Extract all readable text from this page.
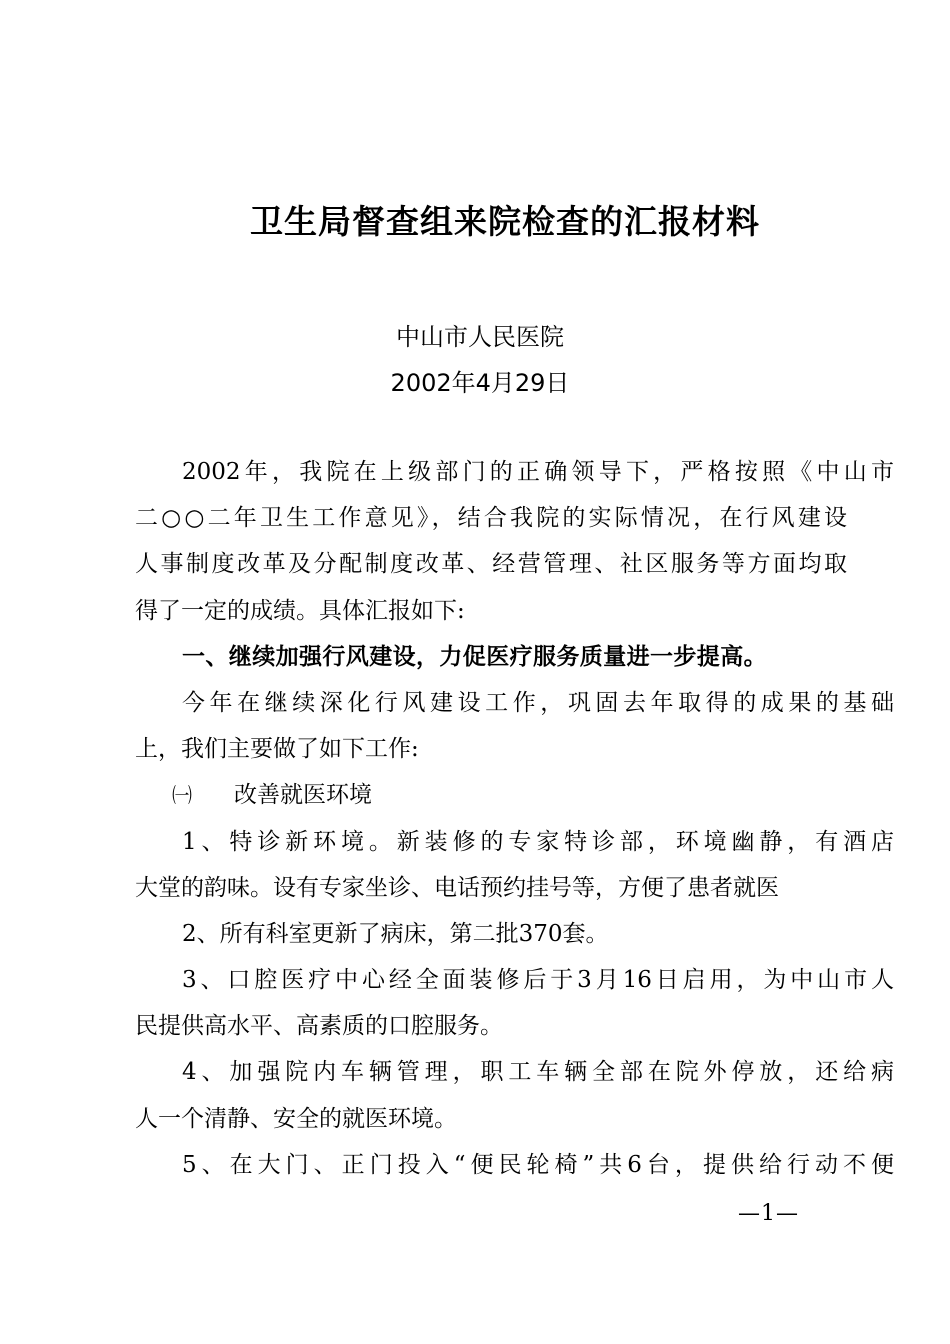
卫生局督查组来院检查的汇报材料
中山市人民医院
2002年4月29日
2002年，我院在上级部门的正确领导下，严格按照《中山市
二○○二年卫生工作意见》，结合我院的实际情况，在行风建设
人事制度改革及分配制度改革、经营管理、社区服务等方面均取
得了一定的成绩。具体汇报如下:
一、继续加强行风建设，力促医疗服务质量进一步提高。
今年在继续深化行风建设工作，巩固去年取得的成果的基础
上，我们主要做了如下工作:
㈠ 改善就医环境
1、特诊新环境。新装修的专家特诊部，环境幽静，有酒店
大堂的韵味。设有专家坐诊、电话预约挂号等，方便了患者就医
2、所有科室更新了病床，第二批370套。
3、口腔医疗中心经全面装修后于3月16日启用，为中山市人
民提供高水平、高素质的口腔服务。
4、加强院内车辆管理，职工车辆全部在院外停放，还给病
人一个清静、安全的就医环境。
5、在大门、正门投入“便民轮椅”共6台，提供给行动不便
—1—
